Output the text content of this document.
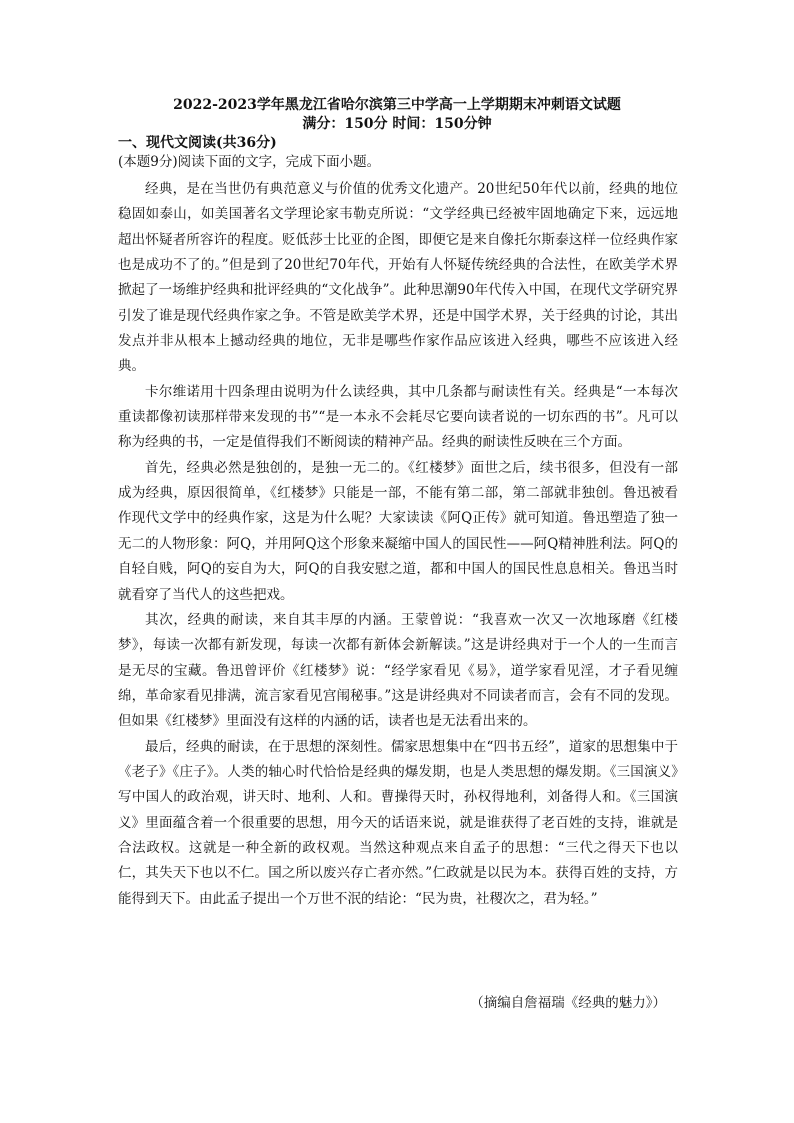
2022-2023学年黑龙江省哈尔滨第三中学高一上学期期末冲刺语文试题
满分：150分 时间：150分钟
一、现代文阅读(共36分)
(本题9分)阅读下面的文字，完成下面小题。

经典，是在当世仍有典范意义与价值的优秀文化遗产。20世纪50年代以前，经典的地位稳固如泰山，如美国著名文学理论家韦勒克所说：“文学经典已经被牢固地确定下来，远远地超出怀疑者所容许的程度。贬低莎士比亚的企图，即便它是来自像托尔斯泰这样一位经典作家也是成功不了的。”但是到了20世纪70年代，开始有人怀疑传统经典的合法性，在欧美学术界掀起了一场维护经典和批评经典的“文化战争”。此种思潮90年代传入中国，在现代文学研究界引发了谁是现代经典作家之争。不管是欧美学术界，还是中国学术界，关于经典的讨论，其出发点并非从根本上撼动经典的地位，无非是哪些作家作品应该进入经典，哪些不应该进入经典。

卡尔维诺用十四条理由说明为什么读经典，其中几条都与耐读性有关。经典是“一本每次重读都像初读那样带来发现的书”“是一本永不会耗尽它要向读者说的一切东西的书”。凡可以称为经典的书，一定是值得我们不断阅读的精神产品。经典的耐读性反映在三个方面。

首先，经典必然是独创的，是独一无二的。《红楼梦》面世之后，续书很多，但没有一部成为经典，原因很简单，《红楼梦》只能是一部，不能有第二部，第二部就非独创。鲁迅被看作现代文学中的经典作家，这是为什么呢？大家读读《阿Q正传》就可知道。鲁迅塑造了独一无二的人物形象：阿Q，并用阿Q这个形象来凝缩中国人的国民性——阿Q精神胜利法。阿Q的自轻自贱，阿Q的妄自为大，阿Q的自我安慰之道，都和中国人的国民性息息相关。鲁迅当时就看穿了当代人的这些把戏。

其次，经典的耐读，来自其丰厚的内涵。王蒙曾说：“我喜欢一次又一次地琢磨《红楼梦》，每读一次都有新发现，每读一次都有新体会新解读。”这是讲经典对于一个人的一生而言是无尽的宝藏。鲁迅曾评价《红楼梦》说：“经学家看见《易》，道学家看见淫，才子看见缠绵，革命家看见排满，流言家看见宫闱秘事。”这是讲经典对不同读者而言，会有不同的发现。但如果《红楼梦》里面没有这样的内涵的话，读者也是无法看出来的。

最后，经典的耐读，在于思想的深刻性。儒家思想集中在“四书五经”，道家的思想集中于《老子》《庄子》。人类的轴心时代恰恰是经典的爆发期，也是人类思想的爆发期。《三国演义》写中国人的政治观，讲天时、地利、人和。曹操得天时，孙权得地利，刘备得人和。《三国演义》里面蕴含着一个很重要的思想，用今天的话语来说，就是谁获得了老百姓的支持，谁就是合法政权。这就是一种全新的政权观。当然这种观点来自孟子的思想：“三代之得天下也以仁，其失天下也以不仁。国之所以废兴存亡者亦然。”仁政就是以民为本。获得百姓的支持，方能得到天下。由此孟子提出一个万世不泯的结论：“民为贵，社稷次之，君为轻。”

（摘编自詹福瑞《经典的魅力》）
